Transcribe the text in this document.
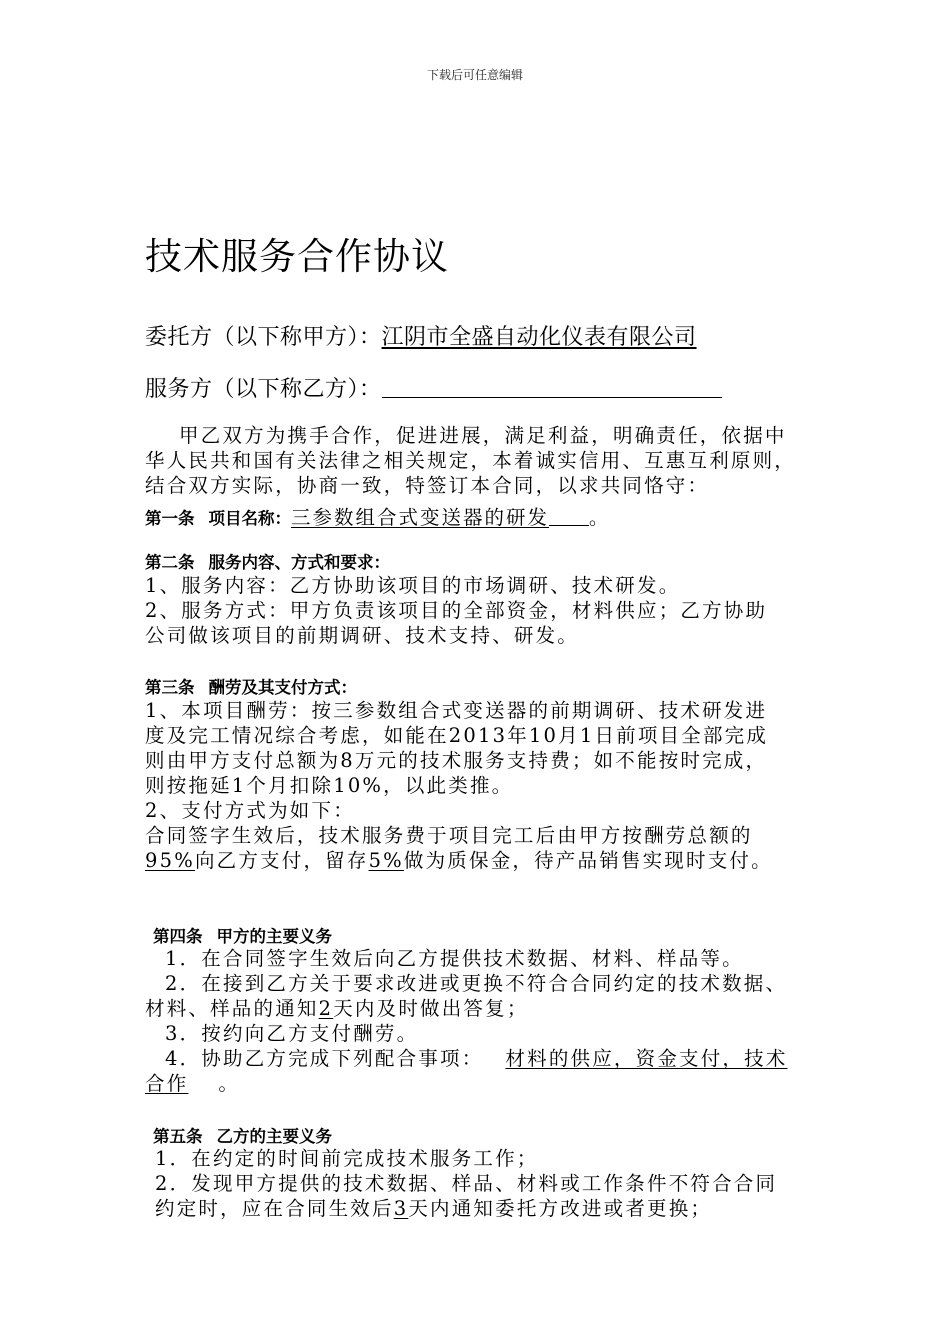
下载后可任意编辑
技术服务合作协议
委托方（以下称甲方）：江阴市全盛自动化仪表有限公司
服务方（以下称乙方）：
甲乙双方为携手合作，促进进展，满足利益，明确责任，依据中
华人民共和国有关法律之相关规定，本着诚实信用、互惠互利原则，
结合双方实际，协商一致，特签订本合同，以求共同恪守：
第一条 项目名称：三参数组合式变送器的研发 。
第二条 服务内容、方式和要求：
1、服务内容：乙方协助该项目的市场调研、技术研发。
2、服务方式：甲方负责该项目的全部资金，材料供应；乙方协助
公司做该项目的前期调研、技术支持、研发。
第三条 酬劳及其支付方式：
1、本项目酬劳：按三参数组合式变送器的前期调研、技术研发进
度及完工情况综合考虑，如能在2013年10月1日前项目全部完成
则由甲方支付总额为8万元的技术服务支持费；如不能按时完成，
则按拖延1个月扣除10%，以此类推。
2、支付方式为如下：
合同签字生效后，技术服务费于项目完工后由甲方按酬劳总额的
95%向乙方支付，留存5%做为质保金，待产品销售实现时支付。
第四条 甲方的主要义务
1．在合同签字生效后向乙方提供技术数据、材料、样品等。
2．在接到乙方关于要求改进或更换不符合合同约定的技术数据、
材料、样品的通知2天内及时做出答复；
3．按约向乙方支付酬劳。
4．协助乙方完成下列配合事项： 材料的供应，资金支付，技术
合作 。
第五条 乙方的主要义务
1．在约定的时间前完成技术服务工作；
2．发现甲方提供的技术数据、样品、材料或工作条件不符合合同
约定时，应在合同生效后3天内通知委托方改进或者更换；
